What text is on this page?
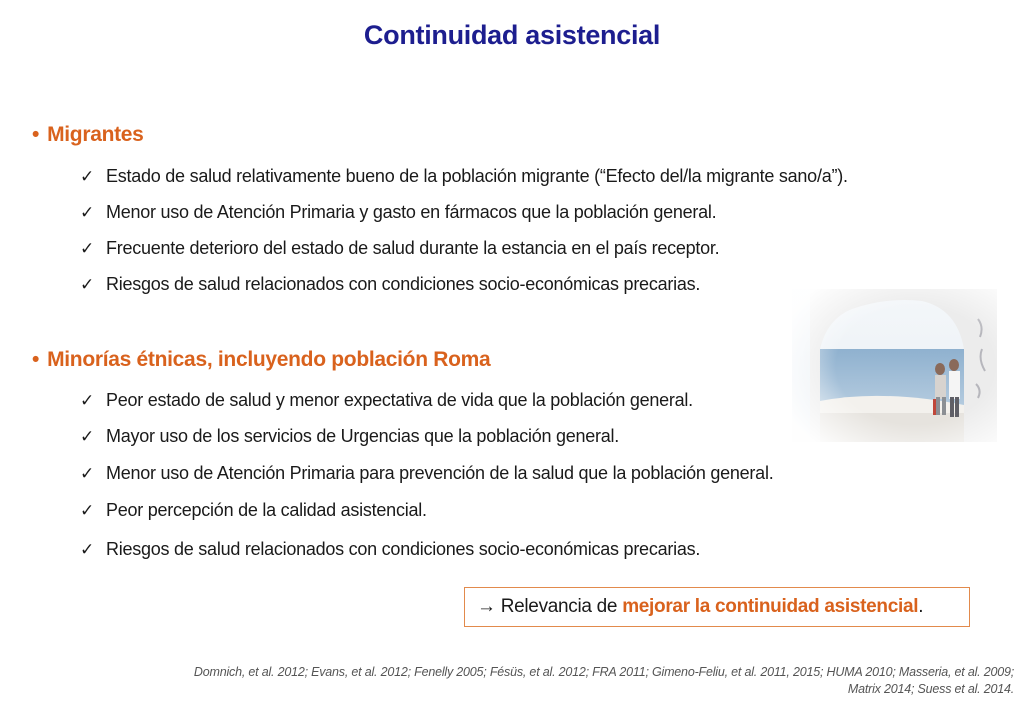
Continuidad asistencial
• Migrantes
✓ Estado de salud relativamente bueno de la población migrante (“Efecto del/la migrante sano/a”).
✓ Menor uso de Atención Primaria y gasto en fármacos que la población general.
✓ Frecuente deterioro del estado de salud durante la estancia en el país receptor.
✓ Riesgos de salud relacionados con condiciones socio-económicas precarias.
• Minorías étnicas, incluyendo población Roma
✓ Peor estado de salud y menor expectativa de vida que la población general.
✓ Mayor uso de los servicios de Urgencias que la población general.
✓ Menor uso de Atención Primaria para prevención de la salud que la población general.
✓ Peor percepción de la calidad asistencial.
✓ Riesgos de salud relacionados con condiciones socio-económicas precarias.
→ Relevancia de mejorar la continuidad asistencial.
Domnich, et al. 2012; Evans, et al. 2012; Fenelly 2005; Fésüs, et al. 2012; FRA 2011; Gimeno-Feliu, et al. 2011, 2015; HUMA 2010; Masseria, et al. 2009;
Matrix 2014; Suess et al. 2014.
